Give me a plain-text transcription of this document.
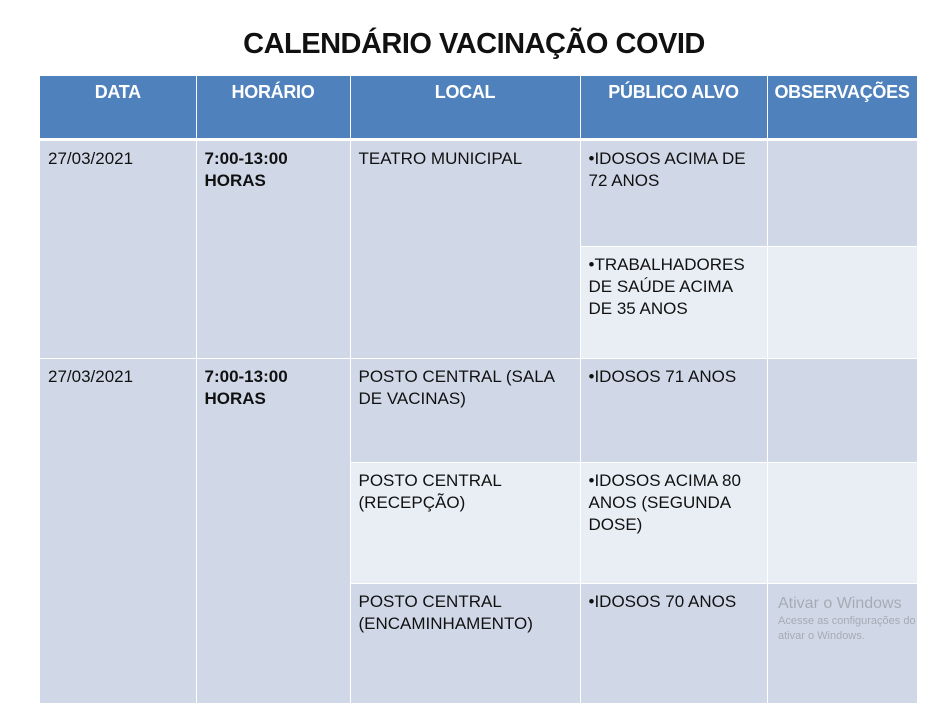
CALENDÁRIO VACINAÇÃO COVID
DATA	HORÁRIO	LOCAL	PÚBLICO ALVO	OBSERVAÇÕES
27/03/2021	7:00-13:00 HORAS	TEATRO MUNICIPAL	•IDOSOS ACIMA DE 72 ANOS	
			•TRABALHADORES DE SAÚDE ACIMA DE 35 ANOS	
27/03/2021	7:00-13:00 HORAS	POSTO CENTRAL (SALA DE VACINAS)	•IDOSOS 71 ANOS	
		POSTO CENTRAL (RECEPÇÃO)	•IDOSOS ACIMA 80 ANOS (SEGUNDA DOSE)	
		POSTO CENTRAL (ENCAMINHAMENTO)	•IDOSOS 70 ANOS		Ativar o Windows
Acesse as configurações do
ativar o Windows.
